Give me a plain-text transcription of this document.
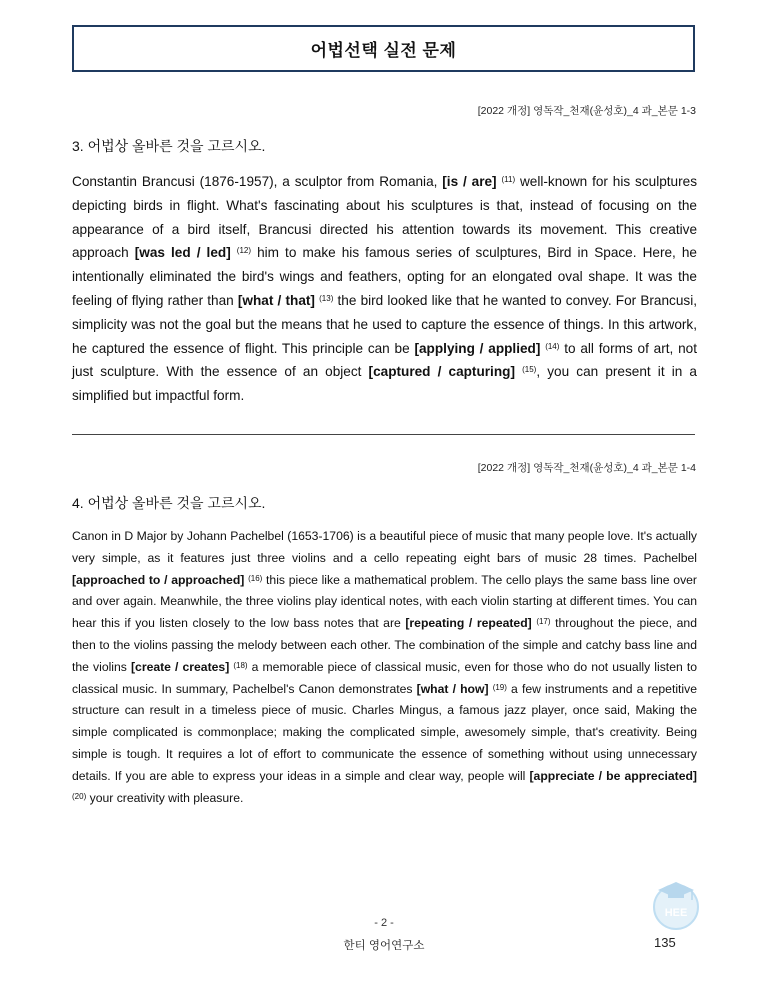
어법선택 실전 문제
[2022 개정] 영독작_천재(윤성호)_4 과_본문 1-3
3. 어법상 올바른 것을 고르시오.
Constantin Brancusi (1876-1957), a sculptor from Romania, [is / are] $^{(11)}$ well-known for his sculptures depicting birds in flight. What's fascinating about his sculptures is that, instead of focusing on the appearance of a bird itself, Brancusi directed his attention towards its movement. This creative approach [was led / led] $^{(12)}$ him to make his famous series of sculptures, Bird in Space. Here, he intentionally eliminated the bird's wings and feathers, opting for an elongated oval shape. It was the feeling of flying rather than [what / that] $^{(13)}$ the bird looked like that he wanted to convey. For Brancusi, simplicity was not the goal but the means that he used to capture the essence of things. In this artwork, he captured the essence of flight. This principle can be [applying / applied] $^{(14)}$ to all forms of art, not just sculpture. With the essence of an object [captured / capturing] $^{(15)}$, you can present it in a simplified but impactful form.
[2022 개정] 영독작_천재(윤성호)_4 과_본문 1-4
4. 어법상 올바른 것을 고르시오.
Canon in D Major by Johann Pachelbel (1653-1706) is a beautiful piece of music that many people love. It's actually very simple, as it features just three violins and a cello repeating eight bars of music 28 times. Pachelbel [approached to / approached] $^{(16)}$ this piece like a mathematical problem. The cello plays the same bass line over and over again. Meanwhile, the three violins play identical notes, with each violin starting at different times. You can hear this if you listen closely to the low bass notes that are [repeating / repeated] $^{(17)}$ throughout the piece, and then to the violins passing the melody between each other. The combination of the simple and catchy bass line and the violins [create / creates] $^{(18)}$ a memorable piece of classical music, even for those who do not usually listen to classical music. In summary, Pachelbel's Canon demonstrates [what / how] $^{(19)}$ a few instruments and a repetitive structure can result in a timeless piece of music. Charles Mingus, a famous jazz player, once said, Making the simple complicated is commonplace; making the complicated simple, awesomely simple, that's creativity. Being simple is tough. It requires a lot of effort to communicate the essence of something without using unnecessary details. If you are able to express your ideas in a simple and clear way, people will [appreciate / be appreciated] $^{(20)}$ your creativity with pleasure.
HEE
- 2 -
한티 영어연구소	135
